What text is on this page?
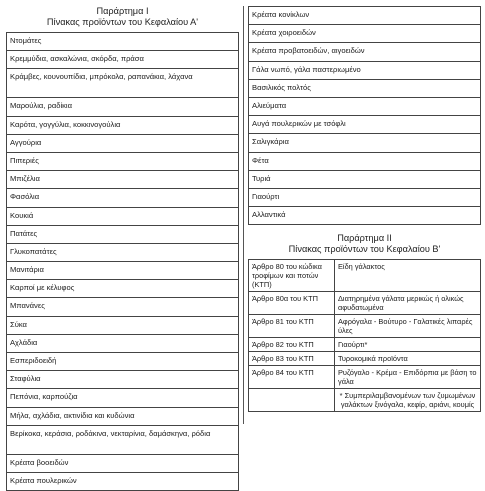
Παράρτημα Ι
Πίνακας προϊόντων του Κεφαλαίου Α'
Ντομάτες
Κρεμμύδια, ασκαλώνια, σκόρδα, πράσα
Κράμβες, κουνουπίδια, μπρόκολα, ραπανάκια, λάχανα
Μαρούλια, ραδίκια
Καρότα, γογγύλια, κοκκινογούλια
Αγγούρια
Πιπεριές
Μπιζέλια
Φασόλια
Κουκιά
Πατάτες
Γλυκοπατάτες
Μανιτάρια
Καρποί με κέλυφος
Μπανάνες
Σύκα
Αχλάδια
Εσπεριδοειδή
Σταφύλια
Πεπόνια, καρπούζια
Μήλα, αχλάδια, ακτινίδια και κυδώνια
Βερίκοκα, κεράσια, ροδάκινα, νεκταρίνια, δαμάσκηνα, ρόδια
Κρέατα βοοειδών
Κρέατα πουλερικών
Κρέατα κονίκλων
Κρέατα χοιροειδών
Κρέατα προβατοειδών, αιγοειδών
Γάλα νωπό, γάλα παστεριωμένο
Βασιλικός πολτός
Αλιεύματα
Αυγά πουλερικών με τσόφλι
Σαλιγκάρια
Φέτα
Τυριά
Γιαούρτι
Αλλαντικά
Παράρτημα ΙΙ
Πίνακας προϊόντων του Κεφαλαίου Β'
Άρθρο 80 του κώδικα τροφίμων και ποτών (ΚΤΠ)	Είδη γάλακτος
Άρθρο 80α του ΚΤΠ	Διατηρημένα γάλατα μερικώς ή ολικώς αφυδατωμένα
Άρθρο 81 του ΚΤΠ	Αφρόγαλα - Βούτυρο - Γαλατικές λιπαρές ύλες
Άρθρο 82 του ΚΤΠ	Γιαούρτι*
Άρθρο 83 του ΚΤΠ	Τυροκομικά προϊόντα
Άρθρο 84 του ΚΤΠ	Ρυζόγαλο - Κρέμα - Επιδόρπια με βάση το γάλα
	* Συμπεριλαμβανομένων των ζυμωμένων γαλάκτων ξινόγαλα, κεφίρ, αριάνι, κουμίς
